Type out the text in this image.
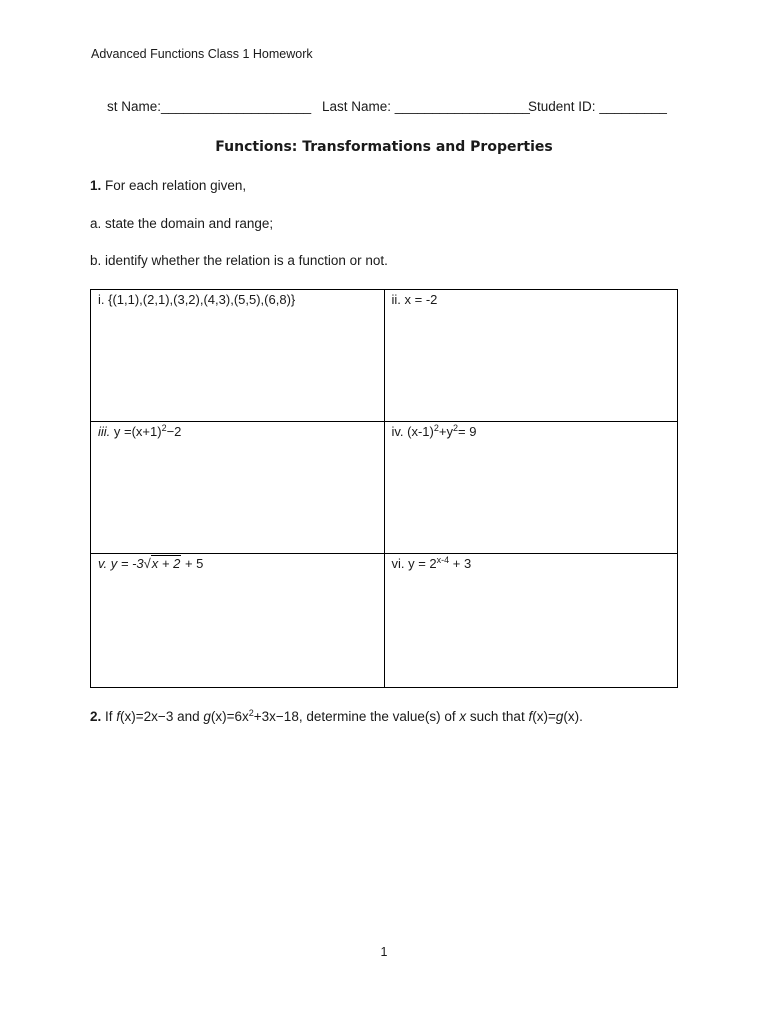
Advanced Functions Class 1 Homework
st Name:____________________ Last Name: __________________
Student ID: _________
Functions: Transformations and Properties
1. For each relation given,
a. state the domain and range;
b. identify whether the relation is a function or not.
i. {(1,1),(2,1),(3,2),(4,3),(5,5),(6,8)}	ii. x = -2
iii. $y =(x+1)^2-2$	iv. $(x-1)^2+y^2= 9$
v. y = -3√x + 2 + 5	vi. $y = 2^{x-4} + 3$
2. If f(x)=2x−3 and $g(x)=6x^2+3x-18$, determine the value(s) of x such that f(x)=g(x).
1
